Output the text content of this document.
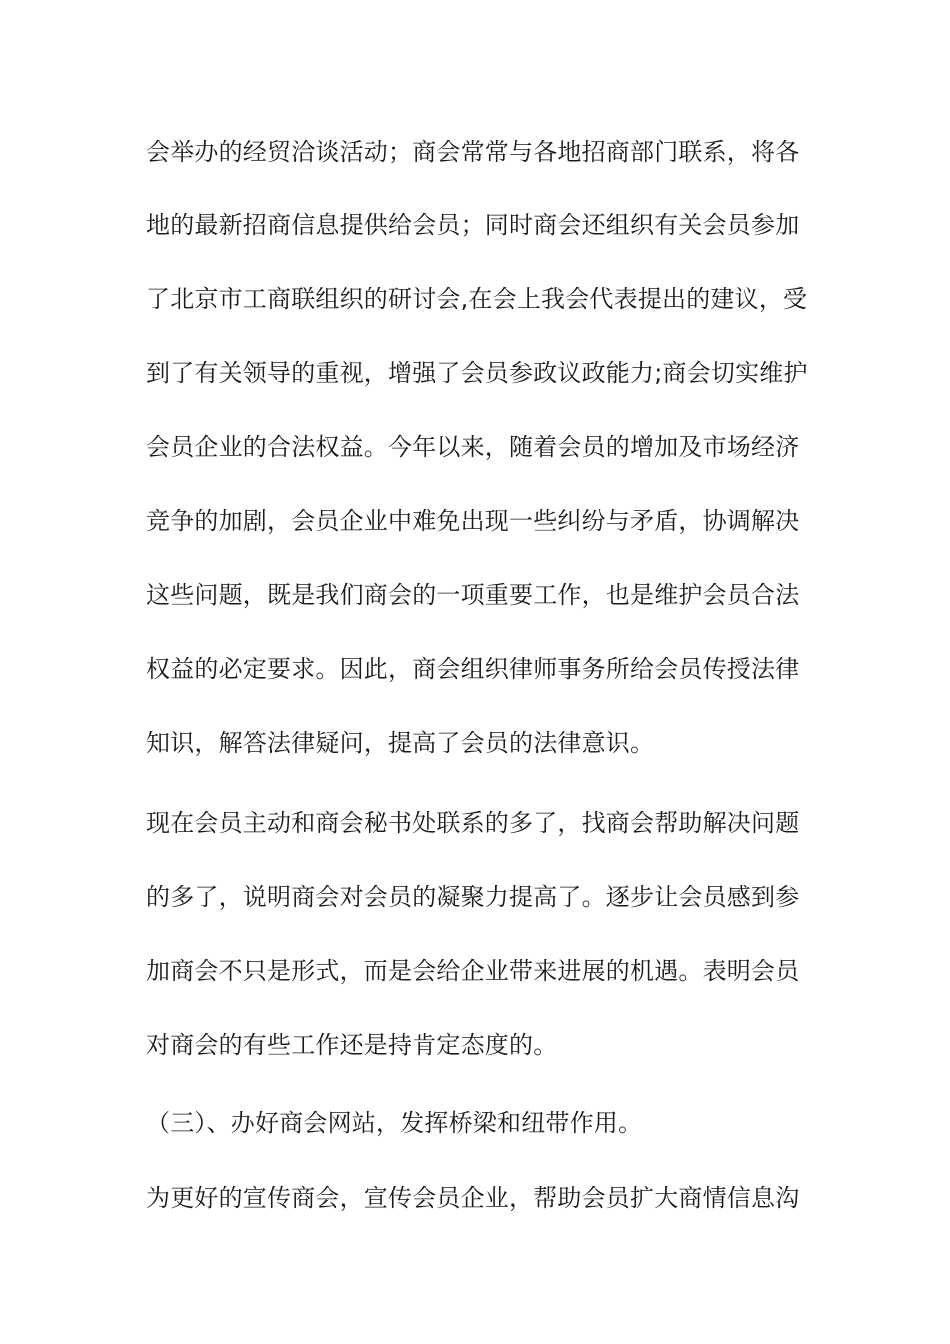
会举办的经贸洽谈活动；商会常常与各地招商部门联系，将各
地的最新招商信息提供给会员；同时商会还组织有关会员参加
了北京市工商联组织的研讨会,在会上我会代表提出的建议，受
到了有关领导的重视，增强了会员参政议政能力;商会切实维护
会员企业的合法权益。今年以来，随着会员的增加及市场经济
竞争的加剧，会员企业中难免出现一些纠纷与矛盾，协调解决
这些问题，既是我们商会的一项重要工作，也是维护会员合法
权益的必定要求。因此，商会组织律师事务所给会员传授法律
知识，解答法律疑问，提高了会员的法律意识。
现在会员主动和商会秘书处联系的多了，找商会帮助解决问题
的多了，说明商会对会员的凝聚力提高了。逐步让会员感到参
加商会不只是形式，而是会给企业带来进展的机遇。表明会员
对商会的有些工作还是持肯定态度的。
（三）、办好商会网站，发挥桥梁和纽带作用。
为更好的宣传商会，宣传会员企业，帮助会员扩大商情信息沟
